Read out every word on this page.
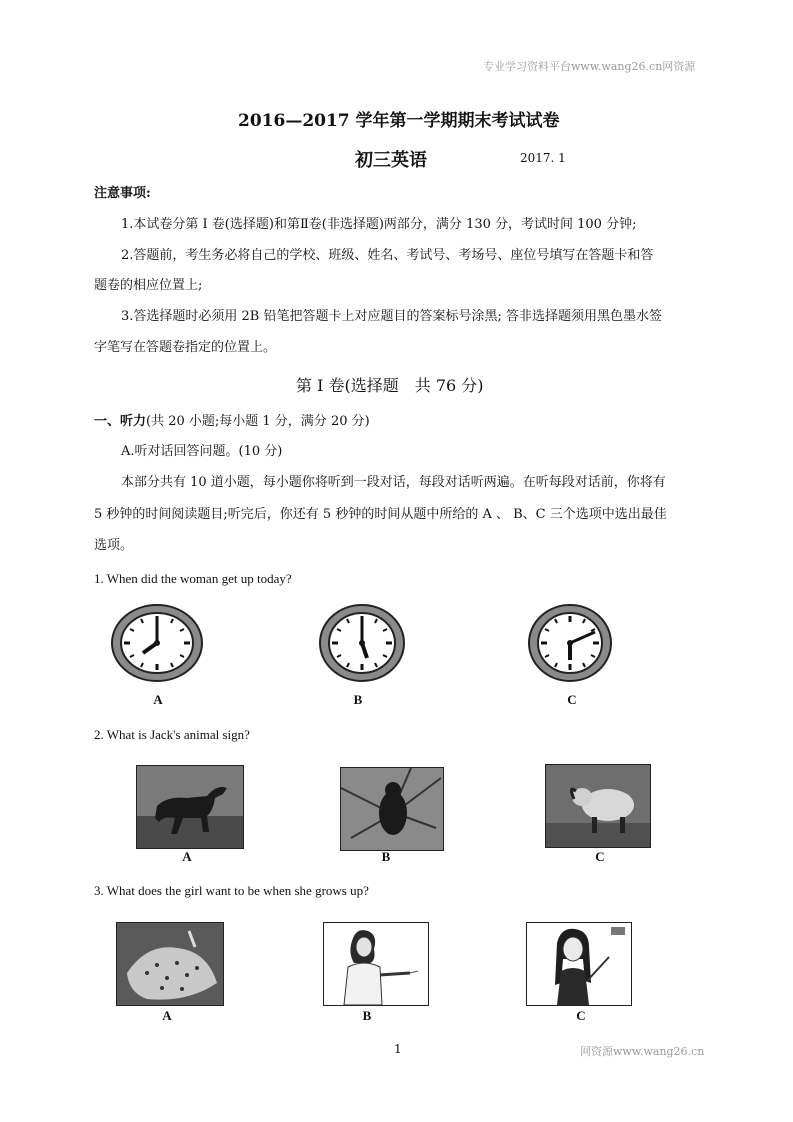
专业学习资料平台www.wang26.cn网资源
2016—2017 学年第一学期期末考试试卷
初三英语	2017. 1
注意事项:
1.本试卷分第 I 卷(选择题)和第Ⅱ卷(非选择题)两部分，满分 130 分，考试时间 100 分钟;
2.答题前，考生务必将自己的学校、班级、姓名、考试号、考场号、座位号填写在答题卡和答
题卷的相应位置上;
3.答选择题时必须用 2B 铅笔把答题卡上对应题目的答案标号涂黑; 答非选择题须用黑色墨水签
字笔写在答题卷指定的位置上。
第 I 卷(选择题　共 76 分)
一、听力(共 20 小题;每小题 1 分，满分 20 分)
A.听对话回答问题。(10 分)
本部分共有 10 道小题，每小题你将听到一段对话，每段对话听两遍。在听每段对话前，你将有
5 秒钟的时间阅读题目;听完后，你还有 5 秒钟的时间从题中所给的 A 、 B、C 三个选项中选出最佳
选项。
1. When did the woman get up today?
A	B	C
2. What is Jack's animal sign?
A	B	C
3. What does the girl want to be when she grows up?
A	B	C
1	网资源www.wang26.cn
